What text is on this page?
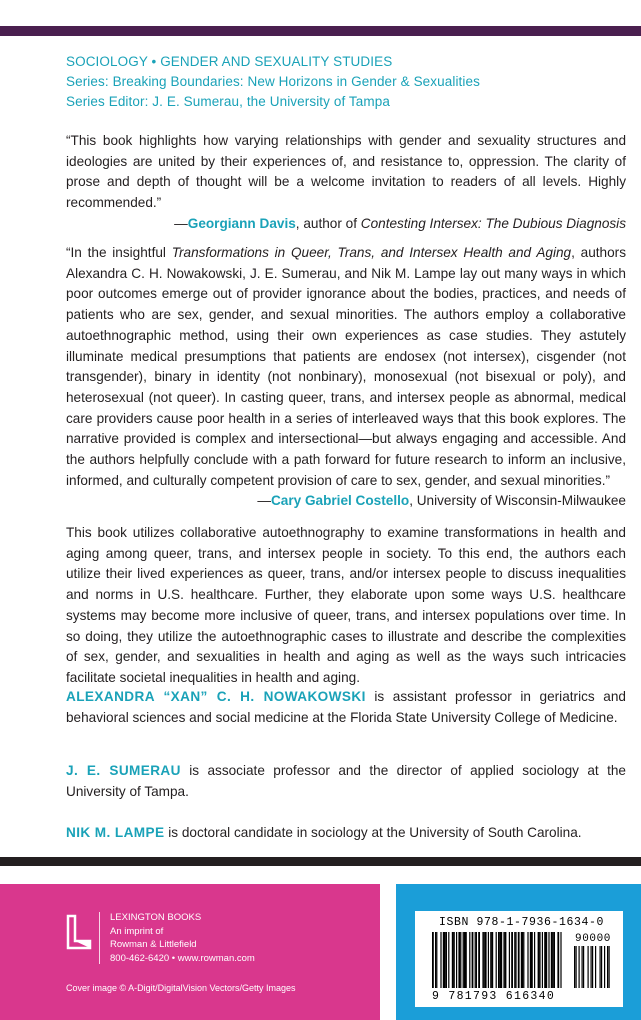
SOCIOLOGY • GENDER AND SEXUALITY STUDIES
Series: Breaking Boundaries: New Horizons in Gender & Sexualities
Series Editor: J. E. Sumerau, the University of Tampa
“This book highlights how varying relationships with gender and sexuality structures and ideologies are united by their experiences of, and resistance to, oppression. The clarity of prose and depth of thought will be a welcome invitation to readers of all levels. Highly recommended.”
—Georgiann Davis, author of Contesting Intersex: The Dubious Diagnosis
“In the insightful Transformations in Queer, Trans, and Intersex Health and Aging, authors Alexandra C. H. Nowakowski, J. E. Sumerau, and Nik M. Lampe lay out many ways in which poor outcomes emerge out of provider ignorance about the bodies, practices, and needs of patients who are sex, gender, and sexual minorities. The authors employ a collaborative autoethnographic method, using their own experiences as case studies. They astutely illuminate medical presumptions that patients are endosex (not intersex), cisgender (not transgender), binary in identity (not nonbinary), monosexual (not bisexual or poly), and heterosexual (not queer). In casting queer, trans, and intersex people as abnormal, medical care providers cause poor health in a series of interleaved ways that this book explores. The narrative provided is complex and intersectional—but always engaging and accessible. And the authors helpfully conclude with a path forward for future research to inform an inclusive, informed, and culturally competent provision of care to sex, gender, and sexual minorities.”
—Cary Gabriel Costello, University of Wisconsin-Milwaukee
This book utilizes collaborative autoethnography to examine transformations in health and aging among queer, trans, and intersex people in society. To this end, the authors each utilize their lived experiences as queer, trans, and/or intersex people to discuss inequalities and norms in U.S. healthcare. Further, they elaborate upon some ways U.S. healthcare systems may become more inclusive of queer, trans, and intersex populations over time. In so doing, they utilize the autoethnographic cases to illustrate and describe the complexities of sex, gender, and sexualities in health and aging as well as the ways such intricacies facilitate societal inequalities in health and aging.
ALEXANDRA “XAN” C. H. NOWAKOWSKI is assistant professor in geriatrics and behavioral sciences and social medicine at the Florida State University College of Medicine.
J. E. SUMERAU is associate professor and the director of applied sociology at the University of Tampa.
NIK M. LAMPE is doctoral candidate in sociology at the University of South Carolina.
LEXINGTON BOOKS
An imprint of
Rowman & Littlefield
800-462-6420 • www.rowman.com
Cover image © A-Digit/DigitalVision Vectors/Getty Images
ISBN 978-1-7936-1634-0
90000
9 781793 616340
